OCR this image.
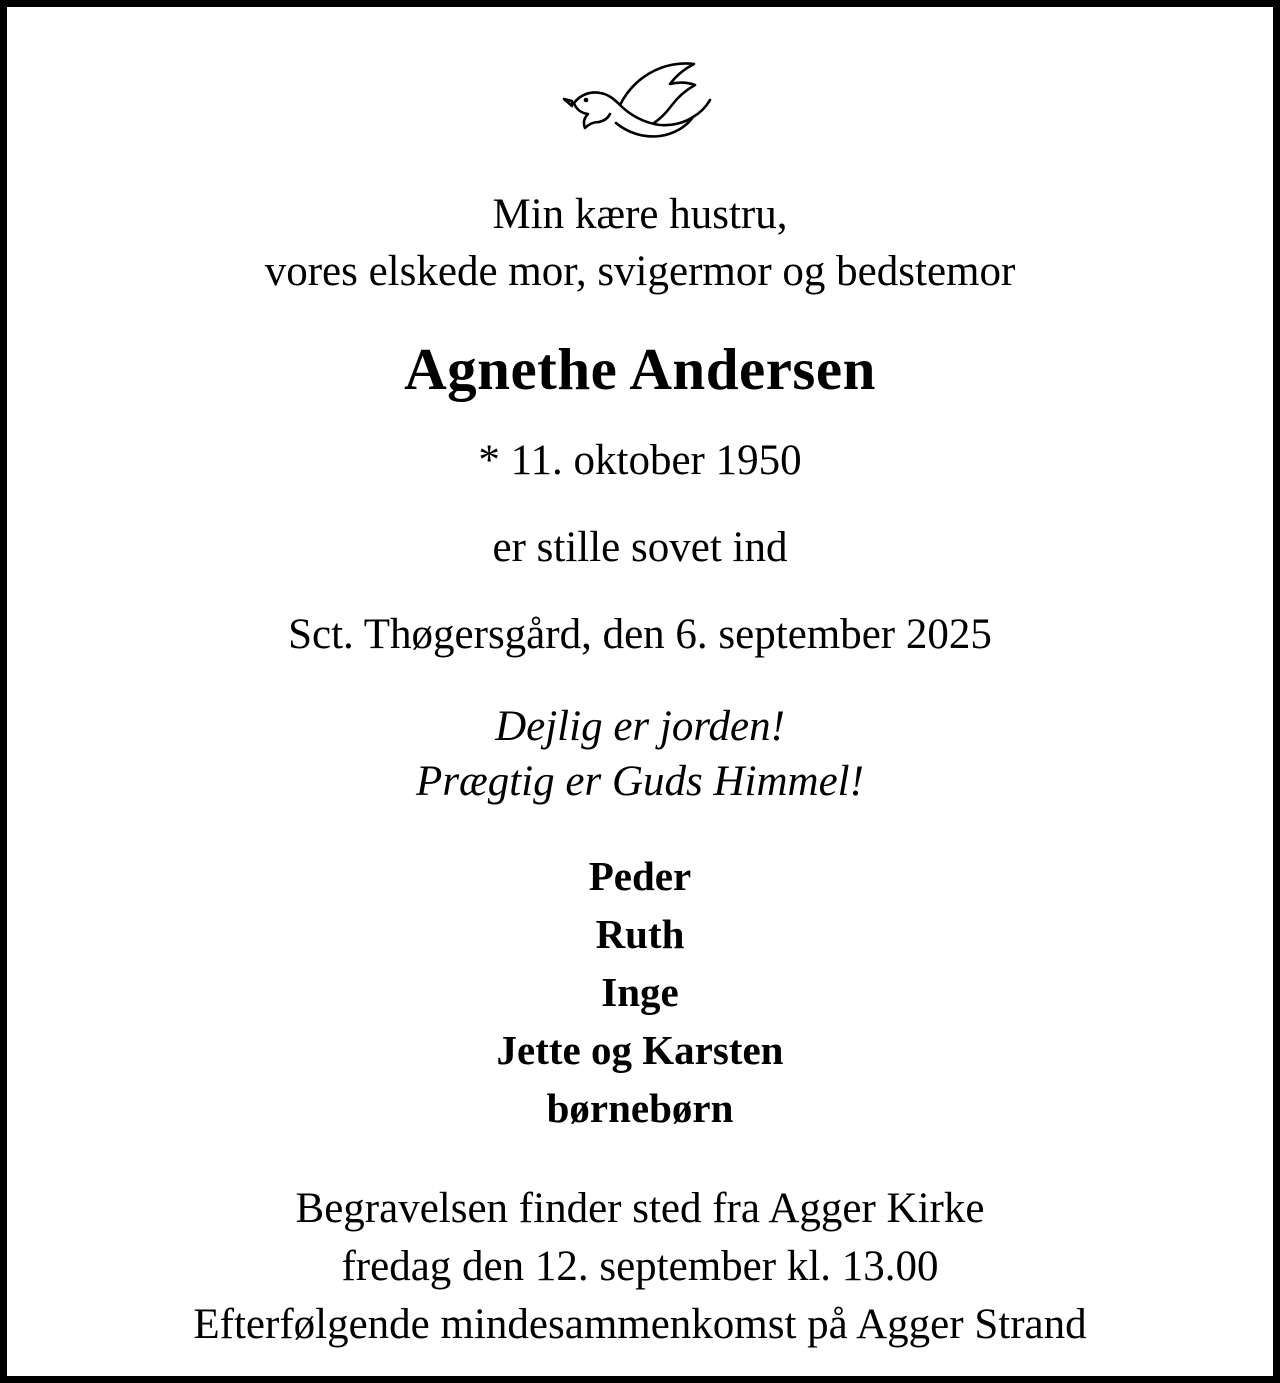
Min kære hustru,
vores elskede mor, svigermor og bedstemor
Agnethe Andersen
* 11. oktober 1950
er stille sovet ind
Sct. Thøgersgård, den 6. september 2025
Dejlig er jorden!
Prægtig er Guds Himmel!
Peder
Ruth
Inge
Jette og Karsten
børnebørn
Begravelsen finder sted fra Agger Kirke
fredag den 12. september kl. 13.00
Efterfølgende mindesammenkomst på Agger Strand
